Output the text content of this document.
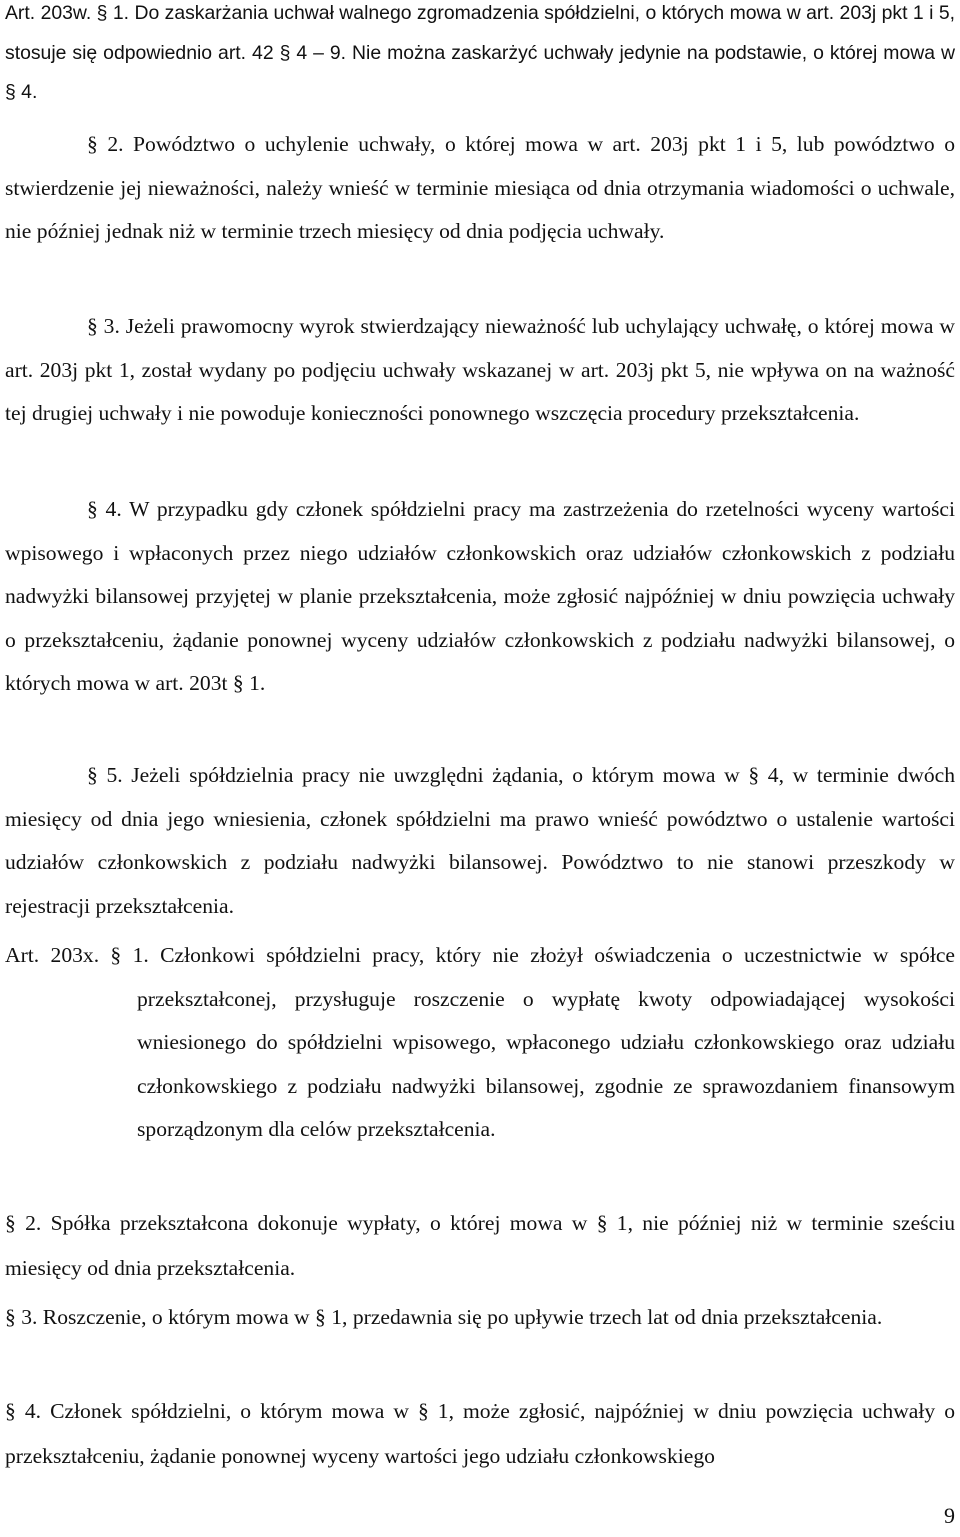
Art. 203w. § 1. Do zaskarżania uchwał walnego zgromadzenia spółdzielni, o których mowa w art. 203j pkt 1 i 5, stosuje się odpowiednio art. 42 § 4 – 9. Nie można zaskarżyć uchwały jedynie na podstawie, o której mowa w § 4.

§ 2. Powództwo o uchylenie uchwały, o której mowa w art. 203j pkt 1 i 5, lub powództwo o stwierdzenie jej nieważności, należy wnieść w terminie miesiąca od dnia otrzymania wiadomości o uchwale, nie później jednak niż w terminie trzech miesięcy od dnia podjęcia uchwały.

§ 3. Jeżeli prawomocny wyrok stwierdzający nieważność lub uchylający uchwałę, o której mowa w art. 203j pkt 1, został wydany po podjęciu uchwały wskazanej w art. 203j pkt 5, nie wpływa on na ważność tej drugiej uchwały i nie powoduje konieczności ponownego wszczęcia procedury przekształcenia.

§ 4. W przypadku gdy członek spółdzielni pracy ma zastrzeżenia do rzetelności wyceny wartości wpisowego i wpłaconych przez niego udziałów członkowskich oraz udziałów członkowskich z podziału nadwyżki bilansowej przyjętej w planie przekształcenia, może zgłosić najpóźniej w dniu powzięcia uchwały o przekształceniu, żądanie ponownej wyceny udziałów członkowskich z podziału nadwyżki bilansowej, o których mowa w art. 203t § 1.

§ 5. Jeżeli spółdzielnia pracy nie uwzględni żądania, o którym mowa w § 4, w terminie dwóch miesięcy od dnia jego wniesienia, członek spółdzielni ma prawo wnieść powództwo o ustalenie wartości udziałów członkowskich z podziału nadwyżki bilansowej. Powództwo to nie stanowi przeszkody w rejestracji przekształcenia.

Art. 203x. § 1. Członkowi spółdzielni pracy, który nie złożył oświadczenia o uczestnictwie w spółce przekształconej, przysługuje roszczenie o wypłatę kwoty odpowiadającej wysokości wniesionego do spółdzielni wpisowego, wpłaconego udziału członkowskiego oraz udziału członkowskiego z podziału nadwyżki bilansowej, zgodnie ze sprawozdaniem finansowym sporządzonym dla celów przekształcenia.

§ 2. Spółka przekształcona dokonuje wypłaty, o której mowa w § 1, nie później niż w terminie sześciu miesięcy od dnia przekształcenia.

§ 3. Roszczenie, o którym mowa w § 1, przedawnia się po upływie trzech lat od dnia przekształcenia.

§ 4. Członek spółdzielni, o którym mowa w § 1, może zgłosić, najpóźniej w dniu powzięcia uchwały o przekształceniu, żądanie ponownej wyceny wartości jego udziału członkowskiego

9
